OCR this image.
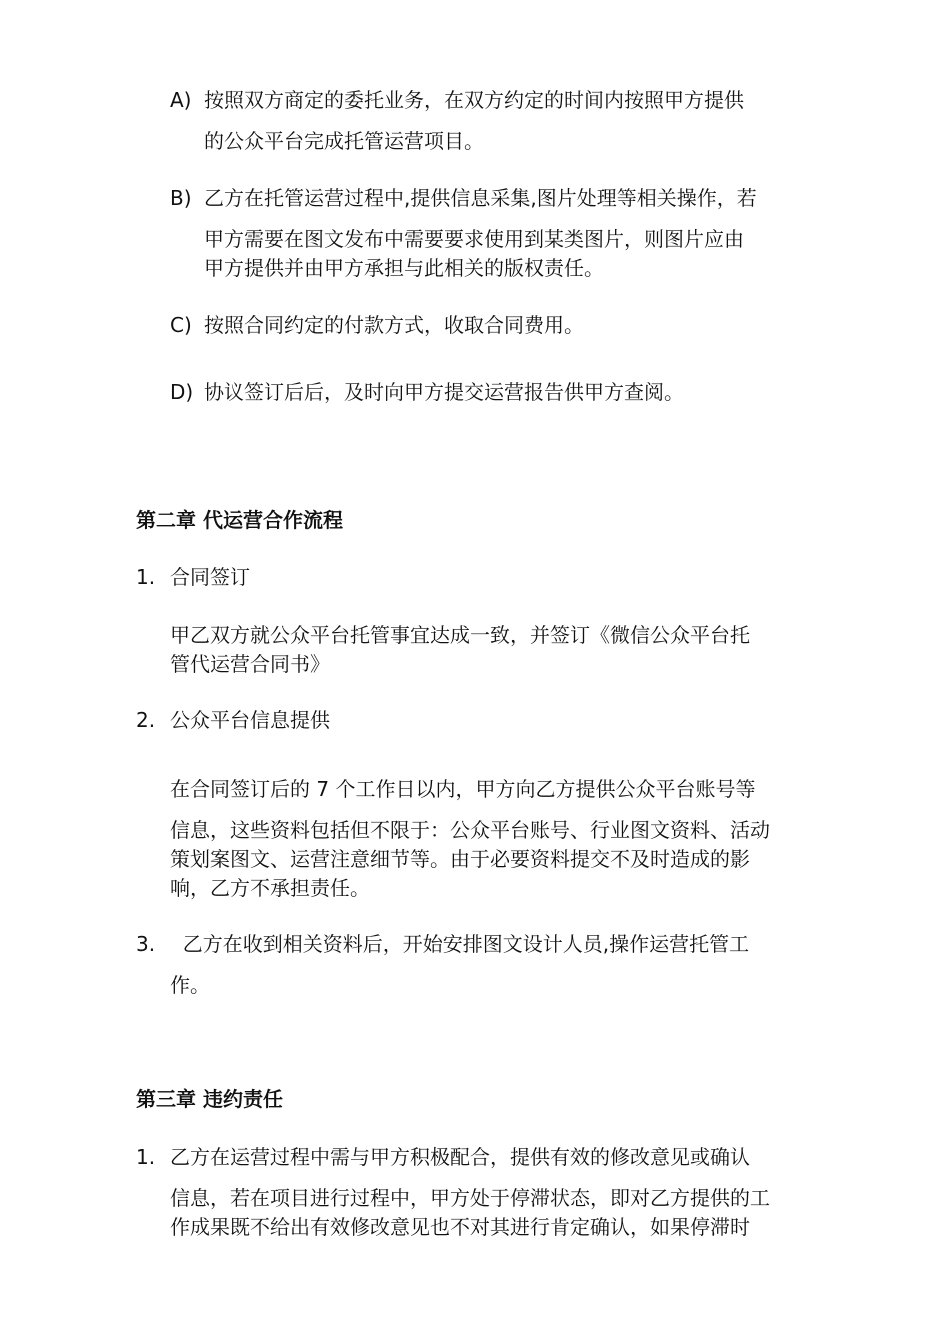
A) 按照双方商定的委托业务，在双方约定的时间内按照甲方提供
的公众平台完成托管运营项目。
B) 乙方在托管运营过程中,提供信息采集,图片处理等相关操作，若
甲方需要在图文发布中需要要求使用到某类图片，则图片应由
甲方提供并由甲方承担与此相关的版权责任。
C) 按照合同约定的付款方式，收取合同费用。
D) 协议签订后后，及时向甲方提交运营报告供甲方查阅。
第二章 代运营合作流程
1. 合同签订
甲乙双方就公众平台托管事宜达成一致，并签订《微信公众平台托
管代运营合同书》
2. 公众平台信息提供
在合同签订后的 7 个工作日以内，甲方向乙方提供公众平台账号等
信息，这些资料包括但不限于：公众平台账号、行业图文资料、活动
策划案图文、运营注意细节等。由于必要资料提交不及时造成的影
响，乙方不承担责任。
3. 乙方在收到相关资料后，开始安排图文设计人员,操作运营托管工
作。
第三章 违约责任
1. 乙方在运营过程中需与甲方积极配合，提供有效的修改意见或确认
信息，若在项目进行过程中，甲方处于停滞状态，即对乙方提供的工
作成果既不给出有效修改意见也不对其进行肯定确认，如果停滞时
